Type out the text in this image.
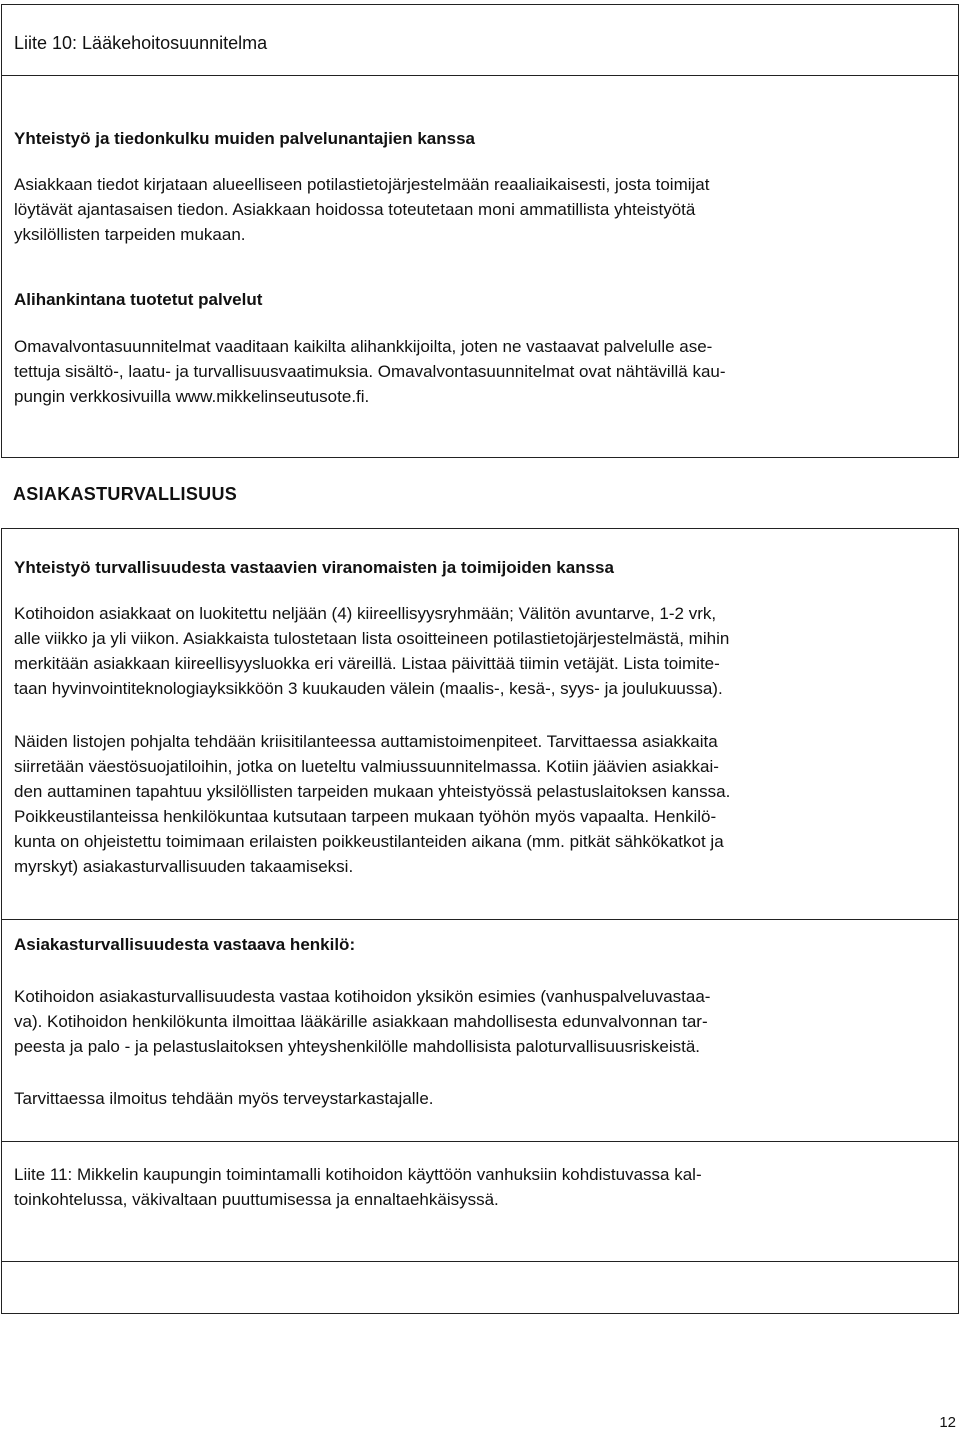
Liite 10: Lääkehoitosuunnitelma

Yhteistyö ja tiedonkulku muiden palvelunantajien kanssa

Asiakkaan tiedot kirjataan alueelliseen potilastietojärjestelmään reaaliaikaisesti, josta toimijat

löytävät ajantasaisen tiedon. Asiakkaan hoidossa toteutetaan moni ammatillista yhteistyötä

yksilöllisten tarpeiden mukaan.

Alihankintana tuotetut palvelut

Omavalvontasuunnitelmat vaaditaan kaikilta alihankkijoilta, joten ne vastaavat palvelulle ase-

tettuja sisältö-, laatu- ja turvallisuusvaatimuksia. Omavalvontasuunnitelmat ovat nähtävillä kau-

pungin verkkosivuilla www.mikkelinseutusote.fi.

ASIAKASTURVALLISUUS

Yhteistyö turvallisuudesta vastaavien viranomaisten ja toimijoiden kanssa

Kotihoidon asiakkaat on luokitettu neljään (4) kiireellisyysryhmään; Välitön avuntarve, 1-2 vrk,

alle viikko ja yli viikon. Asiakkaista tulostetaan lista osoitteineen potilastietojärjestelmästä, mihin

merkitään asiakkaan kiireellisyysluokka eri väreillä. Listaa päivittää tiimin vetäjät. Lista toimite-

taan hyvinvointiteknologiayksikköön 3 kuukauden välein (maalis-, kesä-, syys- ja joulukuussa).

Näiden listojen pohjalta tehdään kriisitilanteessa auttamistoimenpiteet. Tarvittaessa asiakkaita

siirretään väestösuojatiloihin, jotka on lueteltu valmiussuunnitelmassa. Kotiin jäävien asiakkai-

den auttaminen tapahtuu yksilöllisten tarpeiden mukaan yhteistyössä pelastuslaitoksen kanssa.

Poikkeustilanteissa henkilökuntaa kutsutaan tarpeen mukaan työhön myös vapaalta. Henkilö-

kunta on ohjeistettu toimimaan erilaisten poikkeustilanteiden aikana (mm. pitkät sähkökatkot ja

myrskyt) asiakasturvallisuuden takaamiseksi.

Asiakasturvallisuudesta vastaava henkilö:

Kotihoidon asiakasturvallisuudesta vastaa kotihoidon yksikön esimies (vanhuspalveluvastaa-

va). Kotihoidon henkilökunta ilmoittaa lääkärille asiakkaan mahdollisesta edunvalvonnan tar-

peesta ja palo - ja pelastuslaitoksen yhteyshenkilölle mahdollisista paloturvallisuusriskeistä.

Tarvittaessa ilmoitus tehdään myös terveystarkastajalle.

Liite 11: Mikkelin kaupungin toimintamalli kotihoidon käyttöön vanhuksiin kohdistuvassa kal-

toinkohtelussa, väkivaltaan puuttumisessa ja ennaltaehkäisyssä.

12
